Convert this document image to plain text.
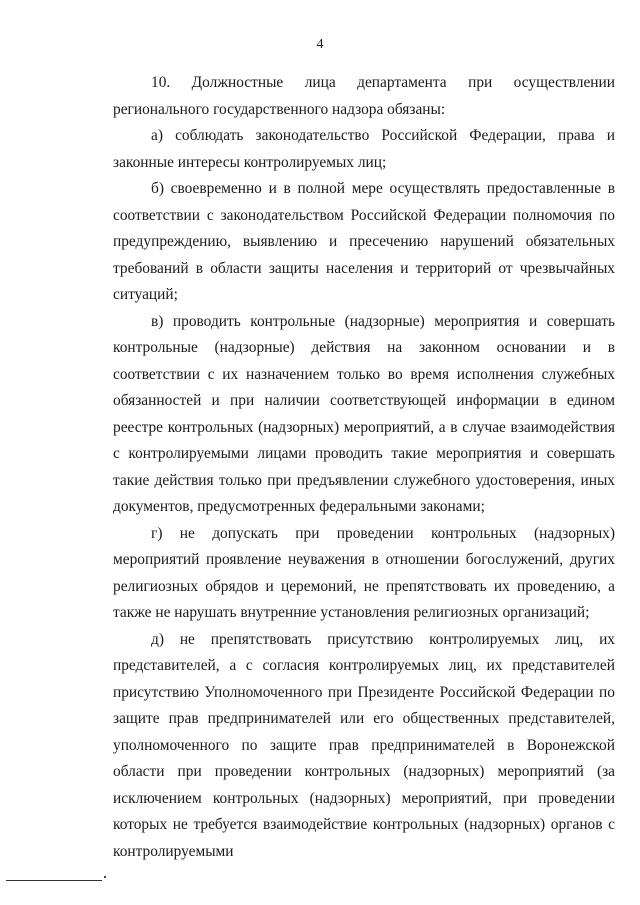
4

10. Должностные лица департамента при осуществлении регионального государственного надзора обязаны:

а) соблюдать законодательство Российской Федерации, права и законные интересы контролируемых лиц;

б) своевременно и в полной мере осуществлять предоставленные в соответствии с законодательством Российской Федерации полномочия по предупреждению, выявлению и пресечению нарушений обязательных требований в области защиты населения и территорий от чрезвычайных ситуаций;

в) проводить контрольные (надзорные) мероприятия и совершать контрольные (надзорные) действия на законном основании и в соответствии с их назначением только во время исполнения служебных обязанностей и при наличии соответствующей информации в едином реестре контрольных (надзорных) мероприятий, а в случае взаимодействия с контролируемыми лицами проводить такие мероприятия и совершать такие действия только при предъявлении служебного удостоверения, иных документов, предусмотренных федеральными законами;

г) не допускать при проведении контрольных (надзорных) мероприятий проявление неуважения в отношении богослужений, других религиозных обрядов и церемоний, не препятствовать их проведению, а также не нарушать внутренние установления религиозных организаций;

д) не препятствовать присутствию контролируемых лиц, их представителей, а с согласия контролируемых лиц, их представителей присутствию Уполномоченного при Президенте Российской Федерации по защите прав предпринимателей или его общественных представителей, уполномоченного по защите прав предпринимателей в Воронежской области при проведении контрольных (надзорных) мероприятий (за исключением контрольных (надзорных) мероприятий, при проведении которых не требуется взаимодействие контрольных (надзорных) органов с контролируемыми
